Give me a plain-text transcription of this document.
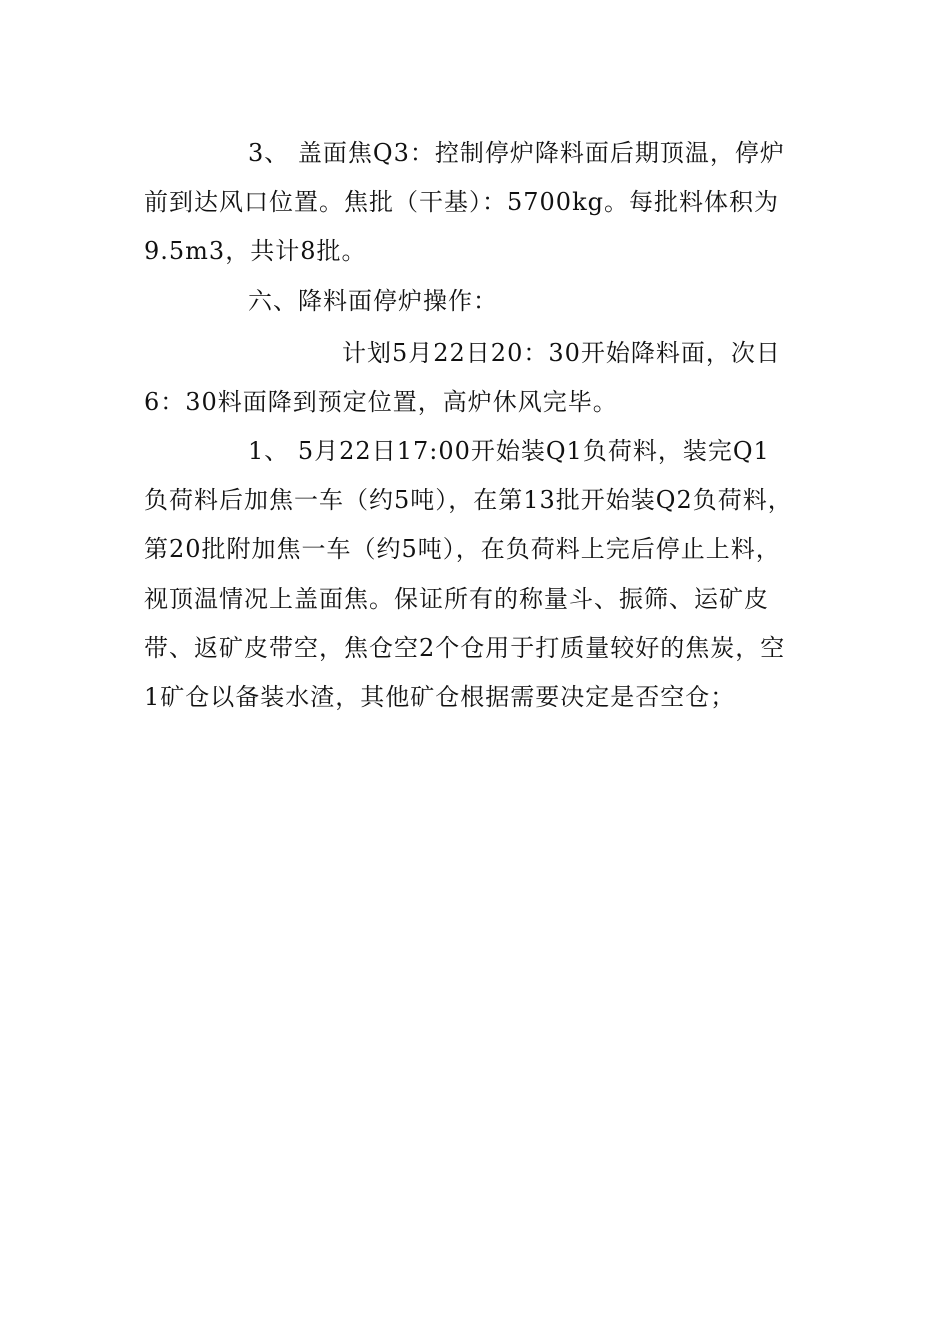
3、 盖面焦Q3：控制停炉降料面后期顶温，停炉
前到达风口位置。焦批（干基）：5700kg。每批料体积为
9.5m3，共计8批。
六、降料面停炉操作：
计划5月22日20：30开始降料面，次日
6：30料面降到预定位置，高炉休风完毕。
1、 5月22日17:00开始装Q1负荷料，装完Q1
负荷料后加焦一车（约5吨），在第13批开始装Q2负荷料，
第20批附加焦一车（约5吨），在负荷料上完后停止上料，
视顶温情况上盖面焦。保证所有的称量斗、振筛、运矿皮
带、返矿皮带空，焦仓空2个仓用于打质量较好的焦炭，空
1矿仓以备装水渣，其他矿仓根据需要决定是否空仓；
